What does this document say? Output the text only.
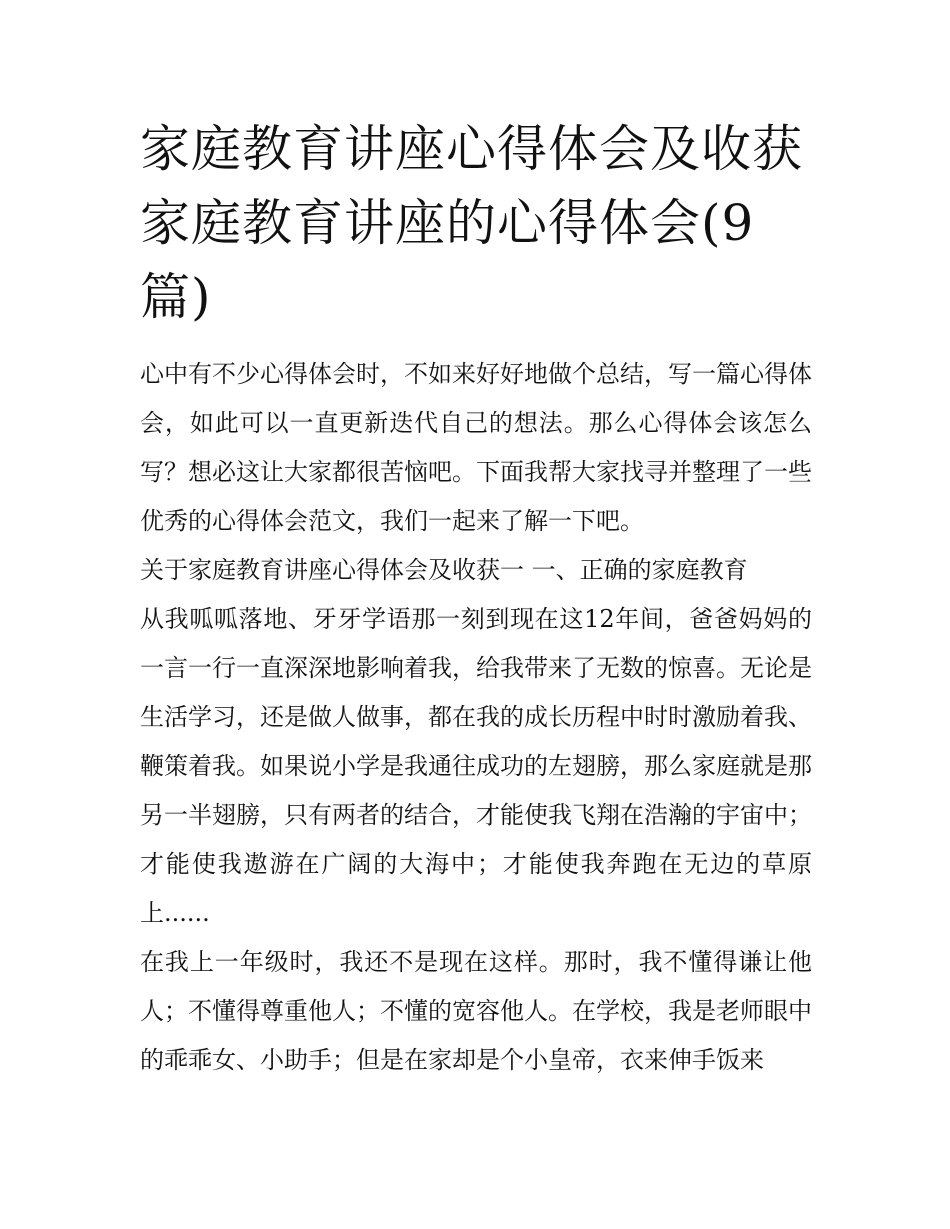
家庭教育讲座心得体会及收获家庭教育讲座的心得体会(9篇)

心中有不少心得体会时，不如来好好地做个总结，写一篇心得体会，如此可以一直更新迭代自己的想法。那么心得体会该怎么写？想必这让大家都很苦恼吧。下面我帮大家找寻并整理了一些优秀的心得体会范文，我们一起来了解一下吧。

关于家庭教育讲座心得体会及收获一 一、正确的家庭教育

从我呱呱落地、牙牙学语那一刻到现在这12年间，爸爸妈妈的一言一行一直深深地影响着我，给我带来了无数的惊喜。无论是生活学习，还是做人做事，都在我的成长历程中时时激励着我、鞭策着我。如果说小学是我通往成功的左翅膀，那么家庭就是那另一半翅膀，只有两者的结合，才能使我飞翔在浩瀚的宇宙中；才能使我遨游在广阔的大海中；才能使我奔跑在无边的草原上......

在我上一年级时，我还不是现在这样。那时，我不懂得谦让他人；不懂得尊重他人；不懂的宽容他人。在学校，我是老师眼中的乖乖女、小助手；但是在家却是个小皇帝，衣来伸手饭来
